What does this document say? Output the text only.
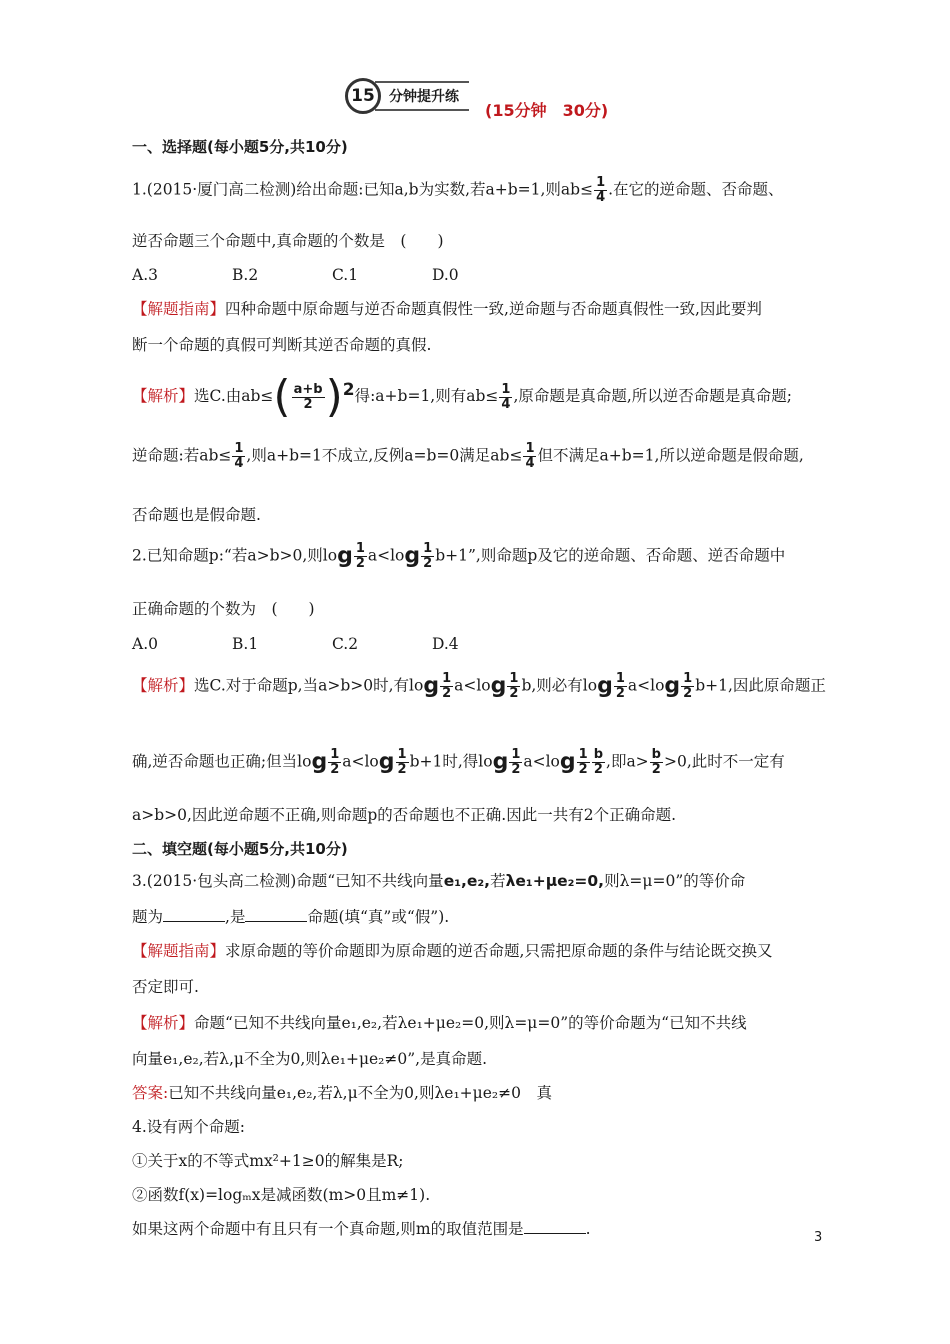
15	分钟提升练
(15分钟　30分)
一、选择题(每小题5分,共10分)
1.(2015·厦门高二检测)给出命题:已知a,b为实数,若a+b=1,则$ab\le \frac{1}{4}$ .在它的逆命题、否命题、
逆否命题三个命题中,真命题的个数是　(　　)
A.3	B.2	C.1	D.0
【解题指南】四种命题中原命题与逆否命题真假性一致,逆命题与否命题真假性一致,因此要判
断一个命题的真假可判断其逆否命题的真假.
【解析】选C.由$ab\le( \frac{a+b}{2} )2$得:a+b=1,则有$ab\le \frac{1}{4}$ ,原命题是真命题,所以逆否命题是真命题;
逆命题:若$ab\le \frac{1}{4}$ ,则a+b=1不成立,反例a=b=0满足$ab\le \frac{1}{4}$ 但不满足a+b=1,所以逆命题是假命题,
否命题也是假命题.
2.已知命题p:“若a>b>0,则$\log \frac{1}{2} a<\log \frac{1}{2} b+1$”,则命题p及它的逆命题、否命题、逆否命题中
正确命题的个数为　(　　)
A.0	B.1	C.2	D.4
【解析】选C.对于命题p,当a>b>0时,有$\log \frac{1}{2} a<\log \frac{1}{2} b$,则必有$\log \frac{1}{2} a<\log \frac{1}{2} b+1$,因此原命题正
确,逆否命题也正确;但当$\log \frac{1}{2} a<\log \frac{1}{2} b+1$时,得$\log \frac{1}{2} a<\log \frac{1}{2} \frac{b}{2}$ ,即$a> \frac{b}{2} >0$,此时不一定有
a>b>0,因此逆命题不正确,则命题p的否命题也不正确.因此一共有2个正确命题.
二、填空题(每小题5分,共10分)
3.(2015·包头高二检测)命题“已知不共线向量e₁,e₂,若λe₁+μe₂=0,则λ=μ=0”的等价命
题为	,是	命题(填“真”或“假”).
【解题指南】求原命题的等价命题即为原命题的逆否命题,只需把原命题的条件与结论既交换又
否定即可.
【解析】命题“已知不共线向量e₁,e₂,若λe₁+μe₂=0,则λ=μ=0”的等价命题为“已知不共线
向量e₁,e₂,若λ,μ不全为0,则λe₁+μe₂≠0”,是真命题.
答案:已知不共线向量e₁,e₂,若λ,μ不全为0,则λe₁+μe₂≠0　真
4.设有两个命题:
①关于x的不等式mx²+1≥0的解集是R;
②函数f(x)=logₘx是减函数(m>0且m≠1).
如果这两个命题中有且只有一个真命题,则m的取值范围是	.	3
